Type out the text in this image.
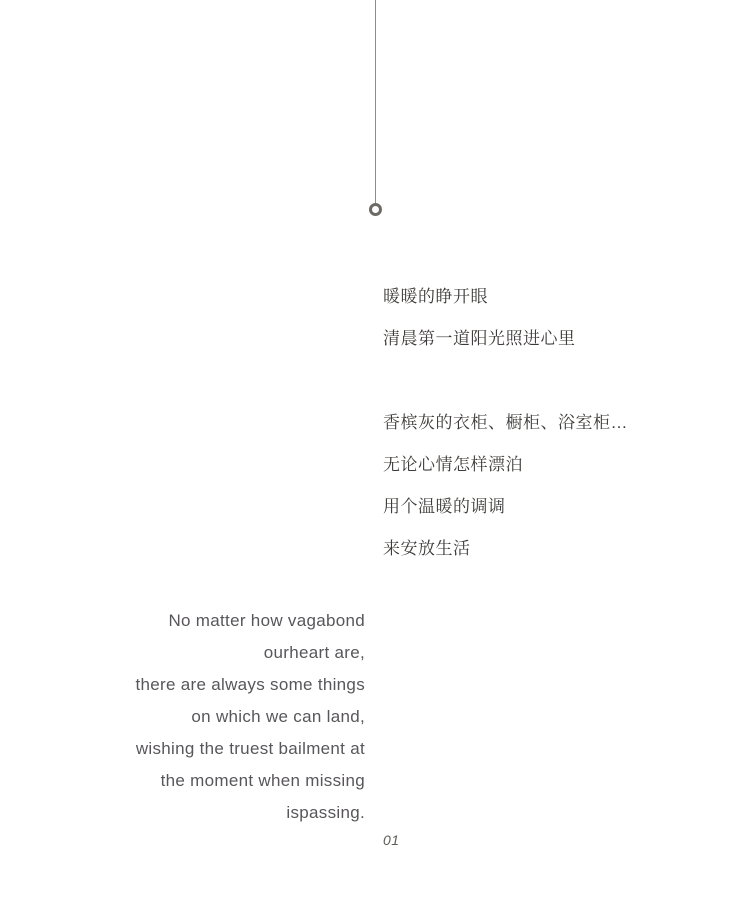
暖暖的睁开眼
清晨第一道阳光照进心里
香槟灰的衣柜、橱柜、浴室柜…
无论心情怎样漂泊
用个温暖的调调
来安放生活
No matter how vagabond
ourheart are,
there are always some things
on which we can land,
wishing the truest bailment at
the moment when missing
ispassing.
01
